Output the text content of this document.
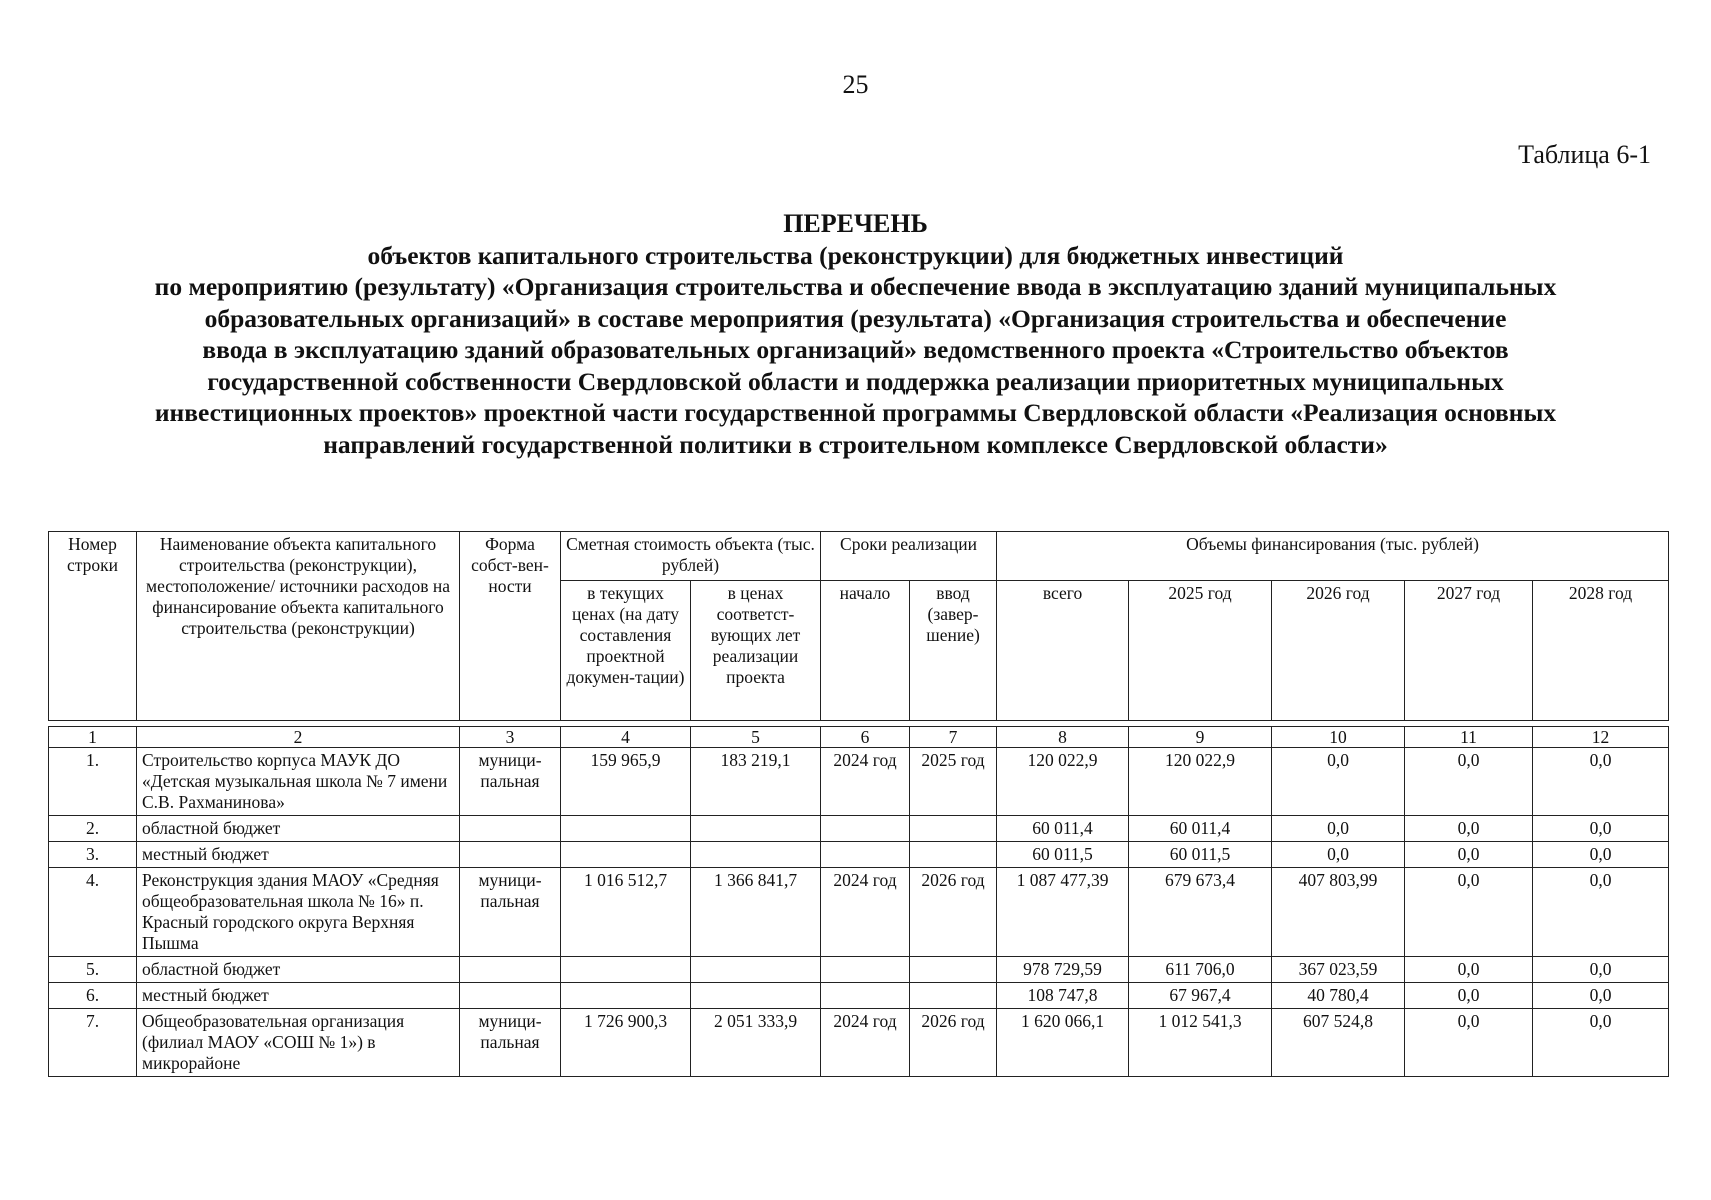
25
Таблица 6-1
ПЕРЕЧЕНЬ
объектов капитального строительства (реконструкции) для бюджетных инвестиций
по мероприятию (результату) «Организация строительства и обеспечение ввода в эксплуатацию зданий муниципальных
образовательных организаций» в составе мероприятия (результата) «Организация строительства и обеспечение
ввода в эксплуатацию зданий образовательных организаций» ведомственного проекта «Строительство объектов
государственной собственности Свердловской области и поддержка реализации приоритетных муниципальных
инвестиционных проектов» проектной части государственной программы Свердловской области «Реализация основных
направлений государственной политики в строительном комплексе Свердловской области»
Номер строки	Наименование объекта капитального строительства (реконструкции), местоположение/ источники расходов на финансирование объекта капитального строительства (реконструкции)	Форма собст-вен-ности	Сметная стоимость объекта (тыс. рублей)		Сроки реализации		Объемы финансирования (тыс. рублей)				
			в текущих ценах (на дату составления проектной докумен-тации)	в ценах соответст-вующих лет реализации проекта	начало	ввод (завер-шение)	всего	2025 год	2026 год	2027 год	2028 год

1	2	3	4	5	6	7	8	9	10	11	12
1.	Строительство корпуса МАУК ДО «Детская музыкальная школа № 7 имени С.В. Рахманинова»	муници-пальная	159 965,9	183 219,1	2024 год	2025 год	120 022,9	120 022,9	0,0	0,0	0,0
2.	областной бюджет						60 011,4	60 011,4	0,0	0,0	0,0
3.	местный бюджет						60 011,5	60 011,5	0,0	0,0	0,0
4.	Реконструкция здания МАОУ «Средняя общеобразовательная школа № 16» п. Красный городского округа Верхняя Пышма	муници-пальная	1 016 512,7	1 366 841,7	2024 год	2026 год	1 087 477,39	679 673,4	407 803,99	0,0	0,0
5.	областной бюджет						978 729,59	611 706,0	367 023,59	0,0	0,0
6.	местный бюджет						108 747,8	67 967,4	40 780,4	0,0	0,0
7.	Общеобразовательная организация (филиал МАОУ «СОШ № 1») в микрорайоне	муници-пальная	1 726 900,3	2 051 333,9	2024 год	2026 год	1 620 066,1	1 012 541,3	607 524,8	0,0	0,0
